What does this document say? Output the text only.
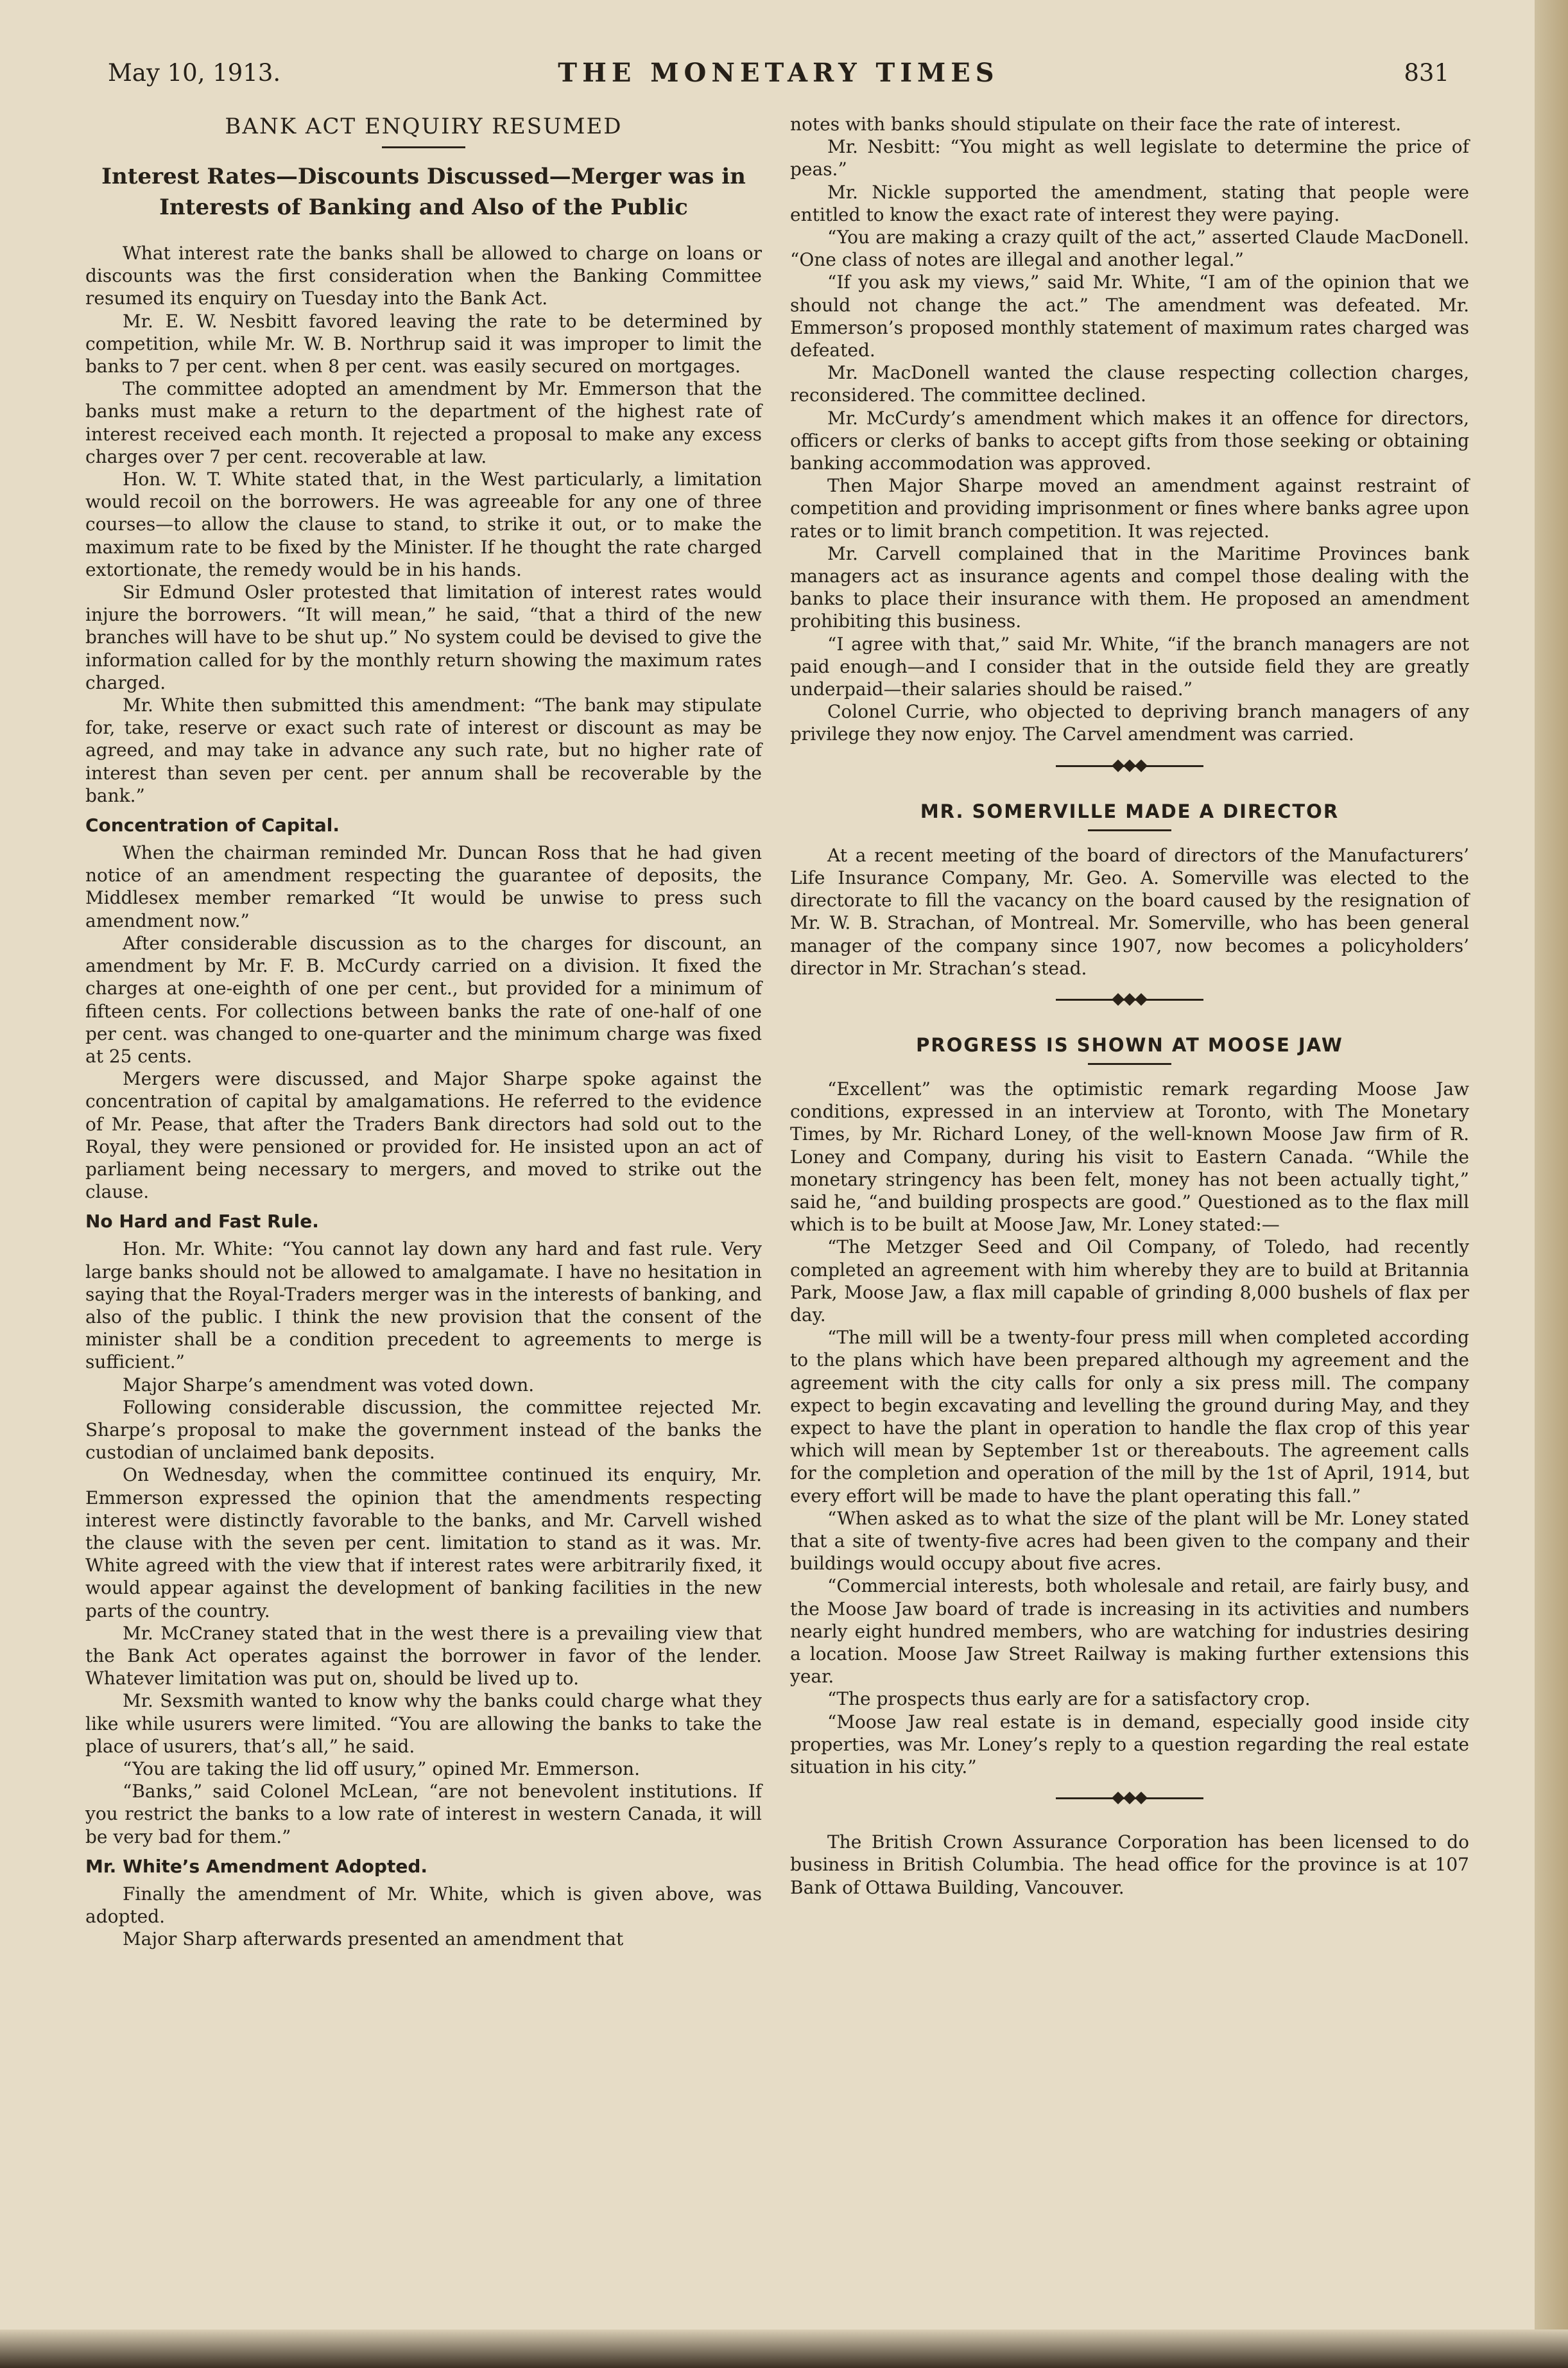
May 10, 1913.	THE MONETARY TIMES	831
BANK ACT ENQUIRY RESUMED
Interest Rates—Discounts Discussed—Merger was in Interests of Banking and Also of the Public

What interest rate the banks shall be allowed to charge on loans or discounts was the first consideration when the Banking Committee resumed its enquiry on Tuesday into the Bank Act.

Mr. E. W. Nesbitt favored leaving the rate to be determined by competition, while Mr. W. B. Northrup said it was improper to limit the banks to 7 per cent. when 8 per cent. was easily secured on mortgages.

The committee adopted an amendment by Mr. Emmerson that the banks must make a return to the department of the highest rate of interest received each month. It rejected a proposal to make any excess charges over 7 per cent. recoverable at law.

Hon. W. T. White stated that, in the West particularly, a limitation would recoil on the borrowers. He was agreeable for any one of three courses—to allow the clause to stand, to strike it out, or to make the maximum rate to be fixed by the Minister. If he thought the rate charged extortionate, the remedy would be in his hands.

Sir Edmund Osler protested that limitation of interest rates would injure the borrowers. “It will mean,” he said, “that a third of the new branches will have to be shut up.” No system could be devised to give the information called for by the monthly return showing the maximum rates charged.

Mr. White then submitted this amendment: “The bank may stipulate for, take, reserve or exact such rate of interest or discount as may be agreed, and may take in advance any such rate, but no higher rate of interest than seven per cent. per annum shall be recoverable by the bank.”

Concentration of Capital.

When the chairman reminded Mr. Duncan Ross that he had given notice of an amendment respecting the guarantee of deposits, the Middlesex member remarked “It would be unwise to press such amendment now.”

After considerable discussion as to the charges for discount, an amendment by Mr. F. B. McCurdy carried on a division. It fixed the charges at one-eighth of one per cent., but provided for a minimum of fifteen cents. For collections between banks the rate of one-half of one per cent. was changed to one-quarter and the minimum charge was fixed at 25 cents.

Mergers were discussed, and Major Sharpe spoke against the concentration of capital by amalgamations. He referred to the evidence of Mr. Pease, that after the Traders Bank directors had sold out to the Royal, they were pensioned or provided for. He insisted upon an act of parliament being necessary to mergers, and moved to strike out the clause.

No Hard and Fast Rule.

Hon. Mr. White: “You cannot lay down any hard and fast rule. Very large banks should not be allowed to amalgamate. I have no hesitation in saying that the Royal-Traders merger was in the interests of banking, and also of the public. I think the new provision that the consent of the minister shall be a condition precedent to agreements to merge is sufficient.”

Major Sharpe’s amendment was voted down.

Following considerable discussion, the committee rejected Mr. Sharpe’s proposal to make the government instead of the banks the custodian of unclaimed bank deposits.

On Wednesday, when the committee continued its enquiry, Mr. Emmerson expressed the opinion that the amendments respecting interest were distinctly favorable to the banks, and Mr. Carvell wished the clause with the seven per cent. limitation to stand as it was. Mr. White agreed with the view that if interest rates were arbitrarily fixed, it would appear against the development of banking facilities in the new parts of the country.

Mr. McCraney stated that in the west there is a prevailing view that the Bank Act operates against the borrower in favor of the lender. Whatever limitation was put on, should be lived up to.

Mr. Sexsmith wanted to know why the banks could charge what they like while usurers were limited. “You are allowing the banks to take the place of usurers, that’s all,” he said.

“You are taking the lid off usury,” opined Mr. Emmerson.

“Banks,” said Colonel McLean, “are not benevolent institutions. If you restrict the banks to a low rate of interest in western Canada, it will be very bad for them.”

Mr. White’s Amendment Adopted.

Finally the amendment of Mr. White, which is given above, was adopted.

Major Sharp afterwards presented an amendment that

notes with banks should stipulate on their face the rate of interest.

Mr. Nesbitt: “You might as well legislate to determine the price of peas.”

Mr. Nickle supported the amendment, stating that people were entitled to know the exact rate of interest they were paying.

“You are making a crazy quilt of the act,” asserted Claude MacDonell. “One class of notes are illegal and another legal.”

“If you ask my views,” said Mr. White, “I am of the opinion that we should not change the act.” The amendment was defeated. Mr. Emmerson’s proposed monthly statement of maximum rates charged was defeated.

Mr. MacDonell wanted the clause respecting collection charges, reconsidered. The committee declined.

Mr. McCurdy’s amendment which makes it an offence for directors, officers or clerks of banks to accept gifts from those seeking or obtaining banking accommodation was approved.

Then Major Sharpe moved an amendment against restraint of competition and providing imprisonment or fines where banks agree upon rates or to limit branch competition. It was rejected.

Mr. Carvell complained that in the Maritime Provinces bank managers act as insurance agents and compel those dealing with the banks to place their insurance with them. He proposed an amendment prohibiting this business.

“I agree with that,” said Mr. White, “if the branch managers are not paid enough—and I consider that in the outside field they are greatly underpaid—their salaries should be raised.”

Colonel Currie, who objected to depriving branch managers of any privilege they now enjoy. The Carvel amendment was carried.

MR. SOMERVILLE MADE A DIRECTOR

At a recent meeting of the board of directors of the Manufacturers’ Life Insurance Company, Mr. Geo. A. Somerville was elected to the directorate to fill the vacancy on the board caused by the resignation of Mr. W. B. Strachan, of Montreal. Mr. Somerville, who has been general manager of the company since 1907, now becomes a policyholders’ director in Mr. Strachan’s stead.

PROGRESS IS SHOWN AT MOOSE JAW

“Excellent” was the optimistic remark regarding Moose Jaw conditions, expressed in an interview at Toronto, with The Monetary Times, by Mr. Richard Loney, of the well-known Moose Jaw firm of R. Loney and Company, during his visit to Eastern Canada. “While the monetary stringency has been felt, money has not been actually tight,” said he, “and building prospects are good.” Questioned as to the flax mill which is to be built at Moose Jaw, Mr. Loney stated:—

“The Metzger Seed and Oil Company, of Toledo, had recently completed an agreement with him whereby they are to build at Britannia Park, Moose Jaw, a flax mill capable of grinding 8,000 bushels of flax per day.

“The mill will be a twenty-four press mill when completed according to the plans which have been prepared although my agreement and the agreement with the city calls for only a six press mill. The company expect to begin excavating and levelling the ground during May, and they expect to have the plant in operation to handle the flax crop of this year which will mean by September 1st or thereabouts. The agreement calls for the completion and operation of the mill by the 1st of April, 1914, but every effort will be made to have the plant operating this fall.”

“When asked as to what the size of the plant will be Mr. Loney stated that a site of twenty-five acres had been given to the company and their buildings would occupy about five acres.

“Commercial interests, both wholesale and retail, are fairly busy, and the Moose Jaw board of trade is increasing in its activities and numbers nearly eight hundred members, who are watching for industries desiring a location. Moose Jaw Street Railway is making further extensions this year.

“The prospects thus early are for a satisfactory crop.

“Moose Jaw real estate is in demand, especially good inside city properties, was Mr. Loney’s reply to a question regarding the real estate situation in his city.”

The British Crown Assurance Corporation has been licensed to do business in British Columbia. The head office for the province is at 107 Bank of Ottawa Building, Vancouver.
